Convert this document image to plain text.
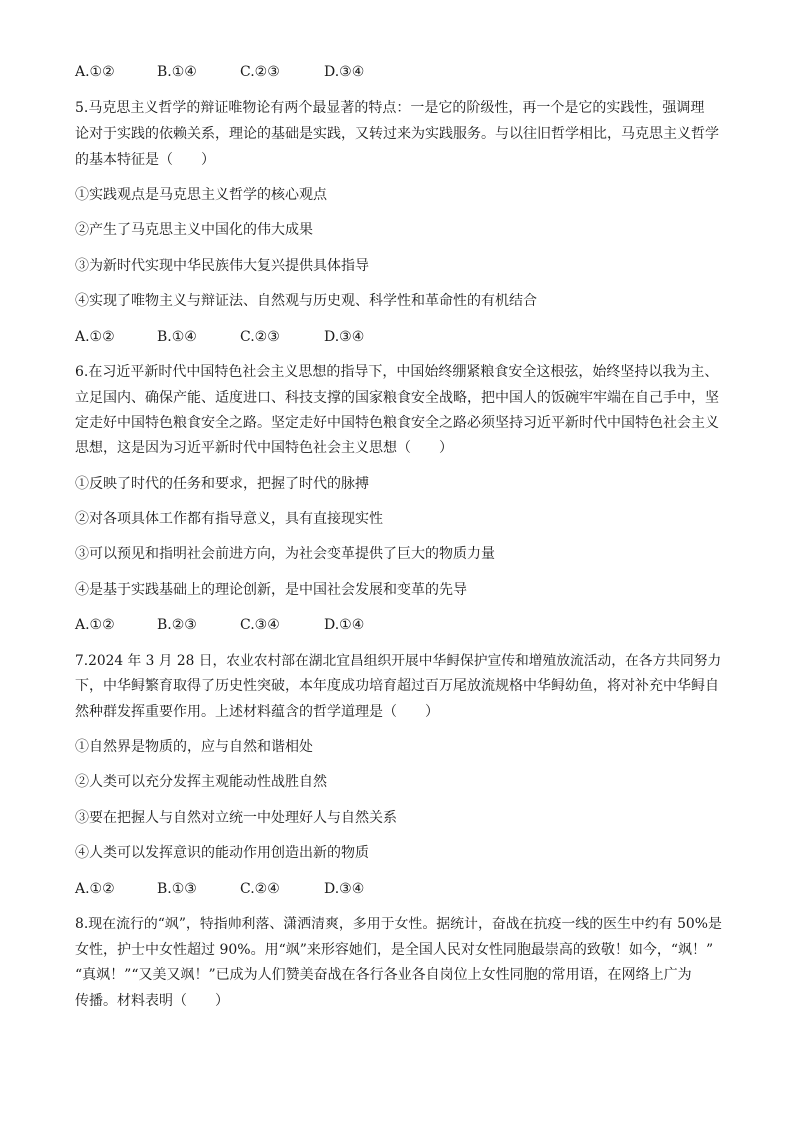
A.①②	B.①④	C.②③	D.③④
5.马克思主义哲学的辩证唯物论有两个最显著的特点：一是它的阶级性，再一个是它的实践性，强调理
论对于实践的依赖关系，理论的基础是实践，又转过来为实践服务。与以往旧哲学相比，马克思主义哲学
的基本特征是（　　）
①实践观点是马克思主义哲学的核心观点
②产生了马克思主义中国化的伟大成果
③为新时代实现中华民族伟大复兴提供具体指导
④实现了唯物主义与辩证法、自然观与历史观、科学性和革命性的有机结合
A.①②	B.①④	C.②③	D.③④
6.在习近平新时代中国特色社会主义思想的指导下，中国始终绷紧粮食安全这根弦，始终坚持以我为主、
立足国内、确保产能、适度进口、科技支撑的国家粮食安全战略，把中国人的饭碗牢牢端在自己手中，坚
定走好中国特色粮食安全之路。坚定走好中国特色粮食安全之路必须坚持习近平新时代中国特色社会主义
思想，这是因为习近平新时代中国特色社会主义思想（　　）
①反映了时代的任务和要求，把握了时代的脉搏
②对各项具体工作都有指导意义，具有直接现实性
③可以预见和指明社会前进方向，为社会变革提供了巨大的物质力量
④是基于实践基础上的理论创新，是中国社会发展和变革的先导
A.①②	B.②③	C.③④	D.①④
7.2024 年 3 月 28 日，农业农村部在湖北宜昌组织开展中华鲟保护宣传和增殖放流活动，在各方共同努力
下，中华鲟繁育取得了历史性突破，本年度成功培育超过百万尾放流规格中华鲟幼鱼，将对补充中华鲟自
然种群发挥重要作用。上述材料蕴含的哲学道理是（　　）
①自然界是物质的，应与自然和谐相处
②人类可以充分发挥主观能动性战胜自然
③要在把握人与自然对立统一中处理好人与自然关系
④人类可以发挥意识的能动作用创造出新的物质
A.①②	B.①③	C.②④	D.③④
8.现在流行的“飒”，特指帅利落、潇洒清爽，多用于女性。据统计，奋战在抗疫一线的医生中约有 50%是
女性，护士中女性超过 90%。用“飒”来形容她们，是全国人民对女性同胞最崇高的致敬！如今，“飒！”
“真飒！”“又美又飒！”已成为人们赞美奋战在各行各业各自岗位上女性同胞的常用语，在网络上广为
传播。材料表明（　　）
